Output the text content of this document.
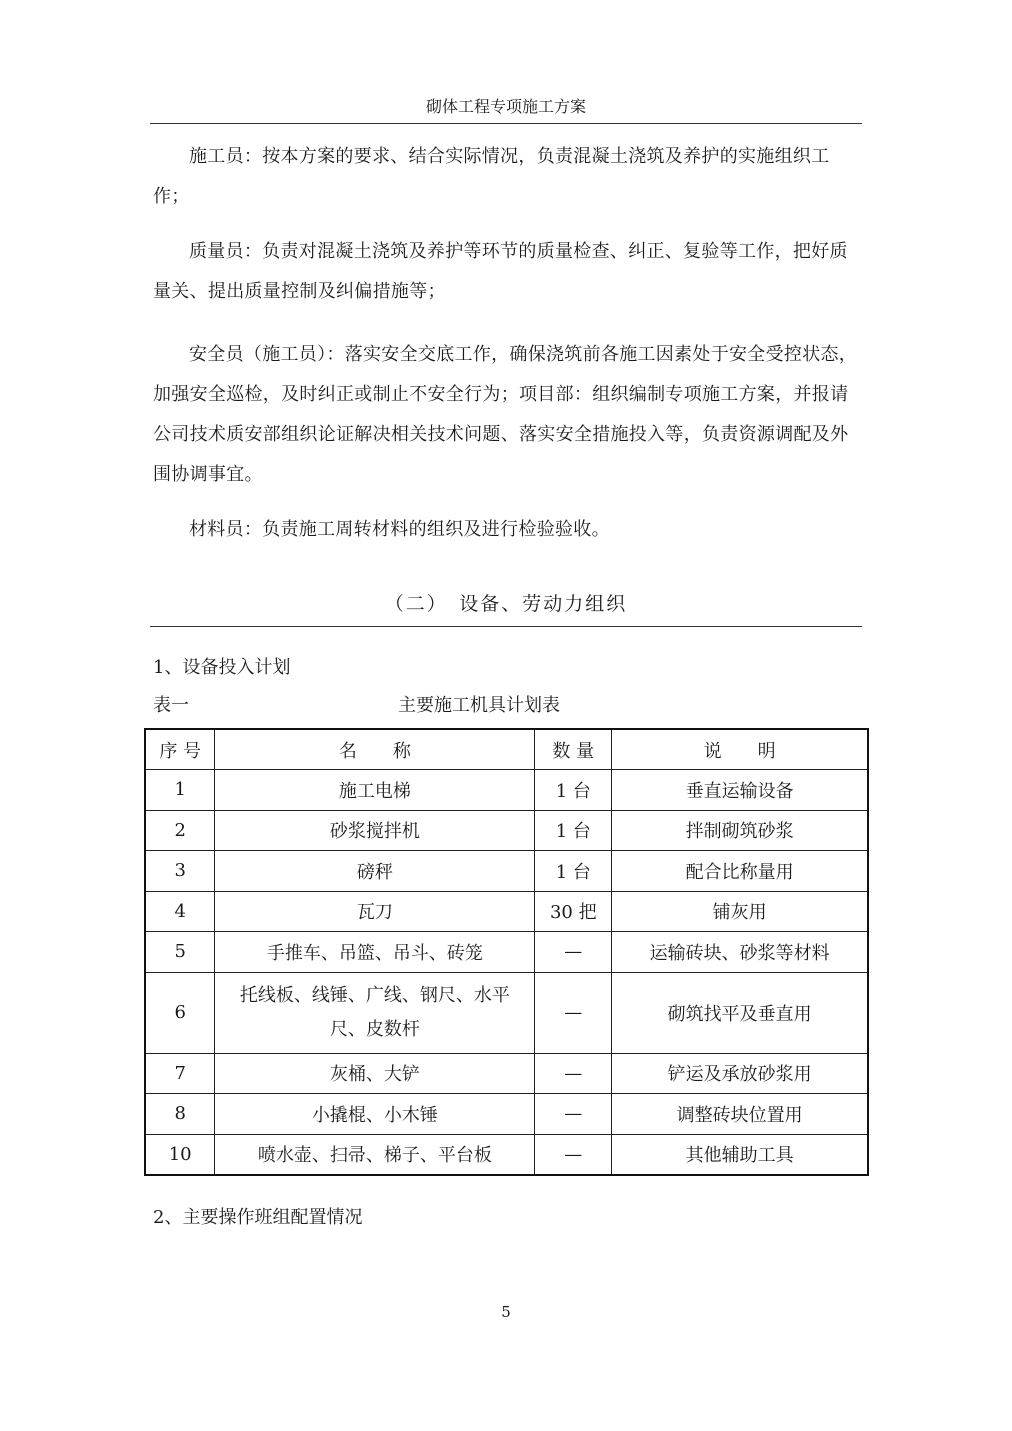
砌体工程专项施工方案

施工员：按本方案的要求、结合实际情况，负责混凝土浇筑及养护的实施组织工作；

质量员：负责对混凝土浇筑及养护等环节的质量检查、纠正、复验等工作，把好质量关、提出质量控制及纠偏措施等；

安全员（施工员）：落实安全交底工作，确保浇筑前各施工因素处于安全受控状态，加强安全巡检，及时纠正或制止不安全行为；项目部：组织编制专项施工方案，并报请公司技术质安部组织论证解决相关技术问题、落实安全措施投入等，负责资源调配及外围协调事宜。

材料员：负责施工周转材料的组织及进行检验验收。

（二）　设备、劳动力组织
1、设备投入计划
表一	主要施工机具计划表
序 号	名　　称	数 量	说　　明
1	施工电梯	1 台	垂直运输设备
2	砂浆搅拌机	1 台	拌制砌筑砂浆
3	磅秤	1 台	配合比称量用
4	瓦刀	30 把	铺灰用
5	手推车、吊篮、吊斗、砖笼	—	运输砖块、砂浆等材料
6	托线板、线锤、广线、钢尺、水平
尺、皮数杆	—	砌筑找平及垂直用
7	灰桶、大铲	—	铲运及承放砂浆用
8	小撬棍、小木锤	—	调整砖块位置用
10	喷水壶、扫帚、梯子、平台板	—	其他辅助工具
2、主要操作班组配置情况
5
